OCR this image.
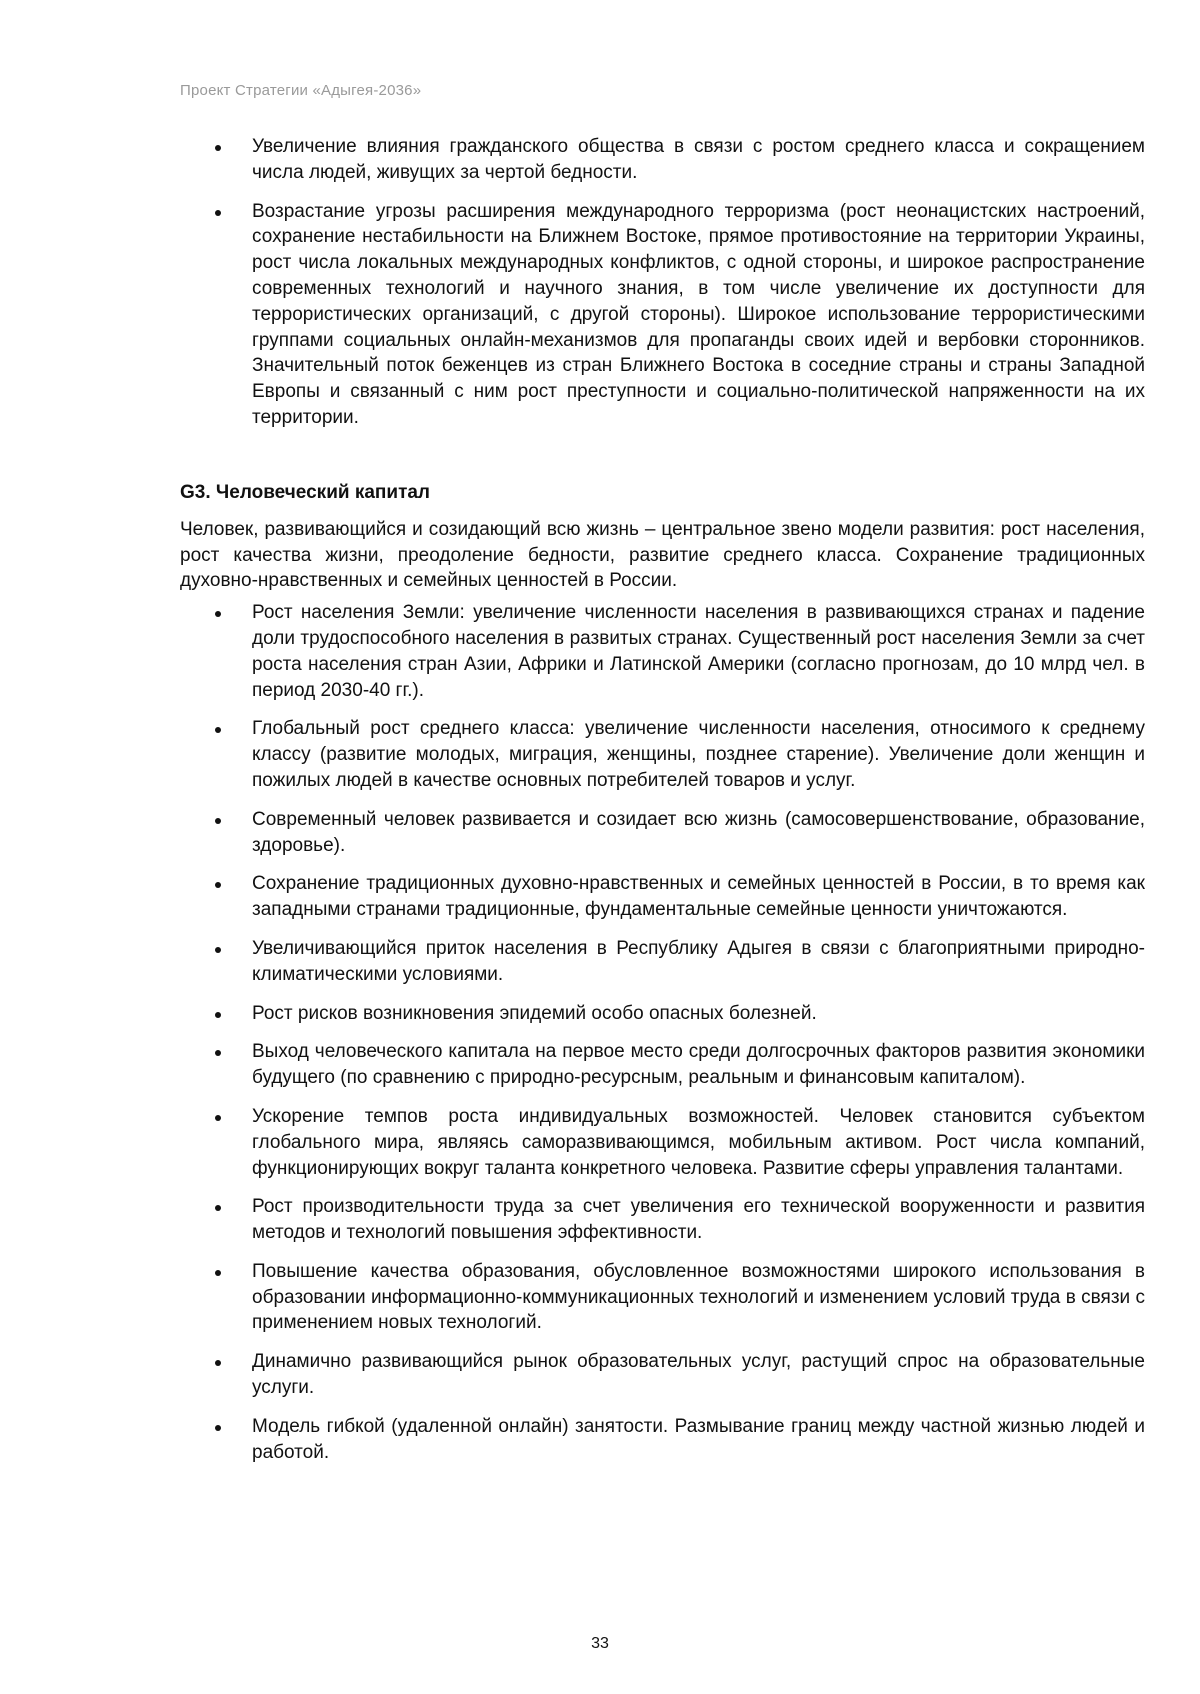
Проект Стратегии «Адыгея-2036»
Увеличение влияния гражданского общества в связи с ростом среднего класса и сокращением числа людей, живущих за чертой бедности.
Возрастание угрозы расширения международного терроризма (рост неонацистских настроений, сохранение нестабильности на Ближнем Востоке, прямое противостояние на территории Украины, рост числа локальных международных конфликтов, с одной стороны, и широкое распространение современных технологий и научного знания, в том числе увеличение их доступности для террористических организаций, с другой стороны). Широкое использование террористическими группами социальных онлайн-механизмов для пропаганды своих идей и вербовки сторонников. Значительный поток беженцев из стран Ближнего Востока в соседние страны и страны Западной Европы и связанный с ним рост преступности и социально-политической напряженности на их территории.
G3. Человеческий капитал

Человек, развивающийся и созидающий всю жизнь – центральное звено модели развития: рост населения, рост качества жизни, преодоление бедности, развитие среднего класса. Сохранение традиционных духовно-нравственных и семейных ценностей в России.

Рост населения Земли: увеличение численности населения в развивающихся странах и падение доли трудоспособного населения в развитых странах. Существенный рост населения Земли за счет роста населения стран Азии, Африки и Латинской Америки (согласно прогнозам, до 10 млрд чел. в период 2030-40 гг.).
Глобальный рост среднего класса: увеличение численности населения, относимого к среднему классу (развитие молодых, миграция, женщины, позднее старение). Увеличение доли женщин и пожилых людей в качестве основных потребителей товаров и услуг.
Современный человек развивается и созидает всю жизнь (самосовершенствование, образование, здоровье).
Сохранение традиционных духовно-нравственных и семейных ценностей в России, в то время как западными странами традиционные, фундаментальные семейные ценности уничтожаются.
Увеличивающийся приток населения в Республику Адыгея в связи с благоприятными природно-климатическими условиями.
Рост рисков возникновения эпидемий особо опасных болезней.
Выход человеческого капитала на первое место среди долгосрочных факторов развития экономики будущего (по сравнению с природно-ресурсным, реальным и финансовым капиталом).
Ускорение темпов роста индивидуальных возможностей. Человек становится субъектом глобального мира, являясь саморазвивающимся, мобильным активом. Рост числа компаний, функционирующих вокруг таланта конкретного человека. Развитие сферы управления талантами.
Рост производительности труда за счет увеличения его технической вооруженности и развития методов и технологий повышения эффективности.
Повышение качества образования, обусловленное возможностями широкого использования в образовании информационно-коммуникационных технологий и изменением условий труда в связи с применением новых технологий.
Динамично развивающийся рынок образовательных услуг, растущий спрос на образовательные услуги.
Модель гибкой (удаленной онлайн) занятости. Размывание границ между частной жизнью людей и работой.
33
